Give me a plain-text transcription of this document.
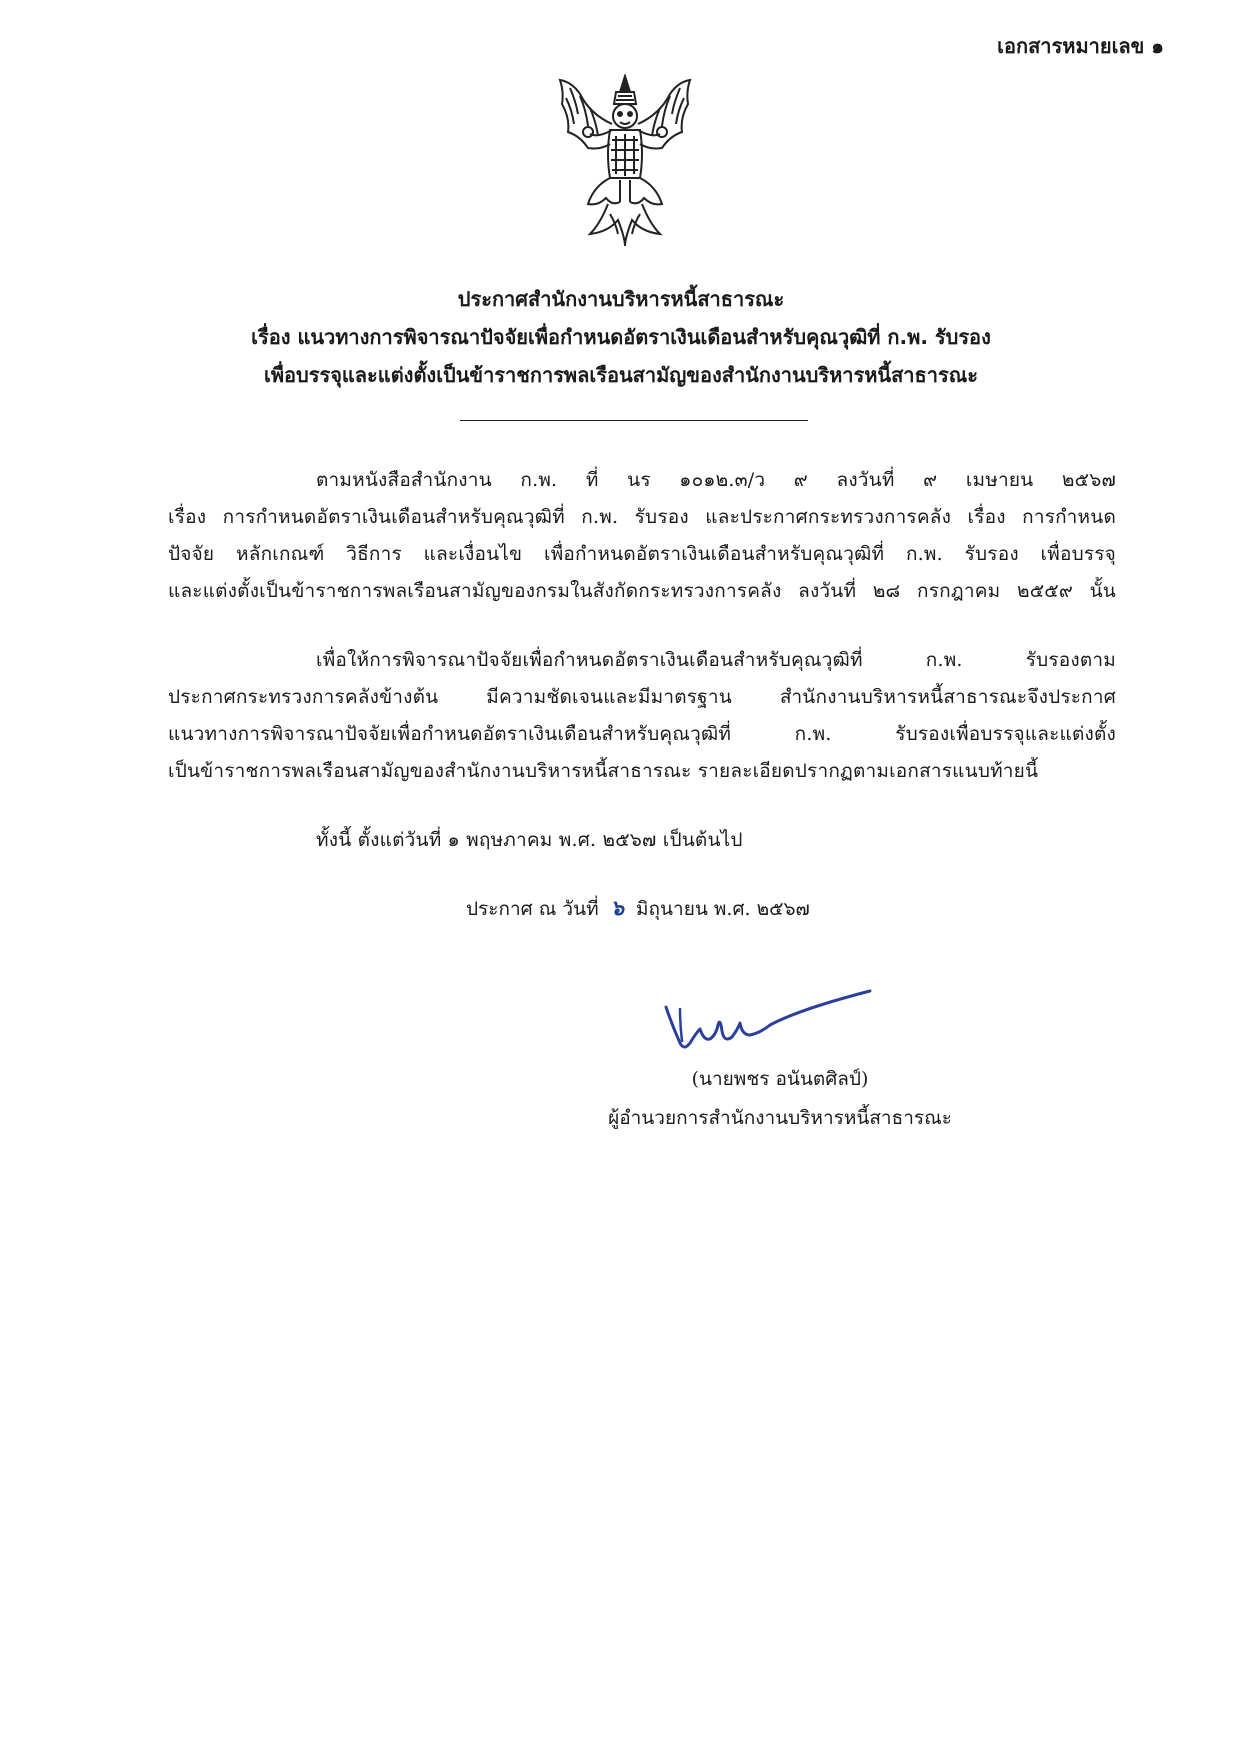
เอกสารหมายเลข ๑
ประกาศสำนักงานบริหารหนี้สาธารณะ
เรื่อง แนวทางการพิจารณาปัจจัยเพื่อกำหนดอัตราเงินเดือนสำหรับคุณวุฒิที่ ก.พ. รับรอง
เพื่อบรรจุและแต่งตั้งเป็นข้าราชการพลเรือนสามัญของสำนักงานบริหารหนี้สาธารณะ
ตามหนังสือสำนักงาน ก.พ. ที่ นร ๑๐๑๒.๓/ว ๙ ลงวันที่ ๙ เมษายน ๒๕๖๗
เรื่อง การกำหนดอัตราเงินเดือนสำหรับคุณวุฒิที่ ก.พ. รับรอง และประกาศกระทรวงการคลัง เรื่อง การกำหนด
ปัจจัย หลักเกณฑ์ วิธีการ และเงื่อนไข เพื่อกำหนดอัตราเงินเดือนสำหรับคุณวุฒิที่ ก.พ. รับรอง เพื่อบรรจุ
และแต่งตั้งเป็นข้าราชการพลเรือนสามัญของกรมในสังกัดกระทรวงการคลัง ลงวันที่ ๒๘ กรกฎาคม ๒๕๕๙ นั้น
เพื่อให้การพิจารณาปัจจัยเพื่อกำหนดอัตราเงินเดือนสำหรับคุณวุฒิที่ ก.พ. รับรองตาม
ประกาศกระทรวงการคลังข้างต้น มีความชัดเจนและมีมาตรฐาน สำนักงานบริหารหนี้สาธารณะจึงประกาศ
แนวทางการพิจารณาปัจจัยเพื่อกำหนดอัตราเงินเดือนสำหรับคุณวุฒิที่ ก.พ. รับรองเพื่อบรรจุและแต่งตั้ง
เป็นข้าราชการพลเรือนสามัญของสำนักงานบริหารหนี้สาธารณะ รายละเอียดปรากฏตามเอกสารแนบท้ายนี้
ทั้งนี้ ตั้งแต่วันที่ ๑ พฤษภาคม พ.ศ. ๒๕๖๗ เป็นต้นไป
ประกาศ ณ วันที่ ๖ มิถุนายน พ.ศ. ๒๕๖๗
(นายพชร อนันตศิลป์)
ผู้อำนวยการสำนักงานบริหารหนี้สาธารณะ
